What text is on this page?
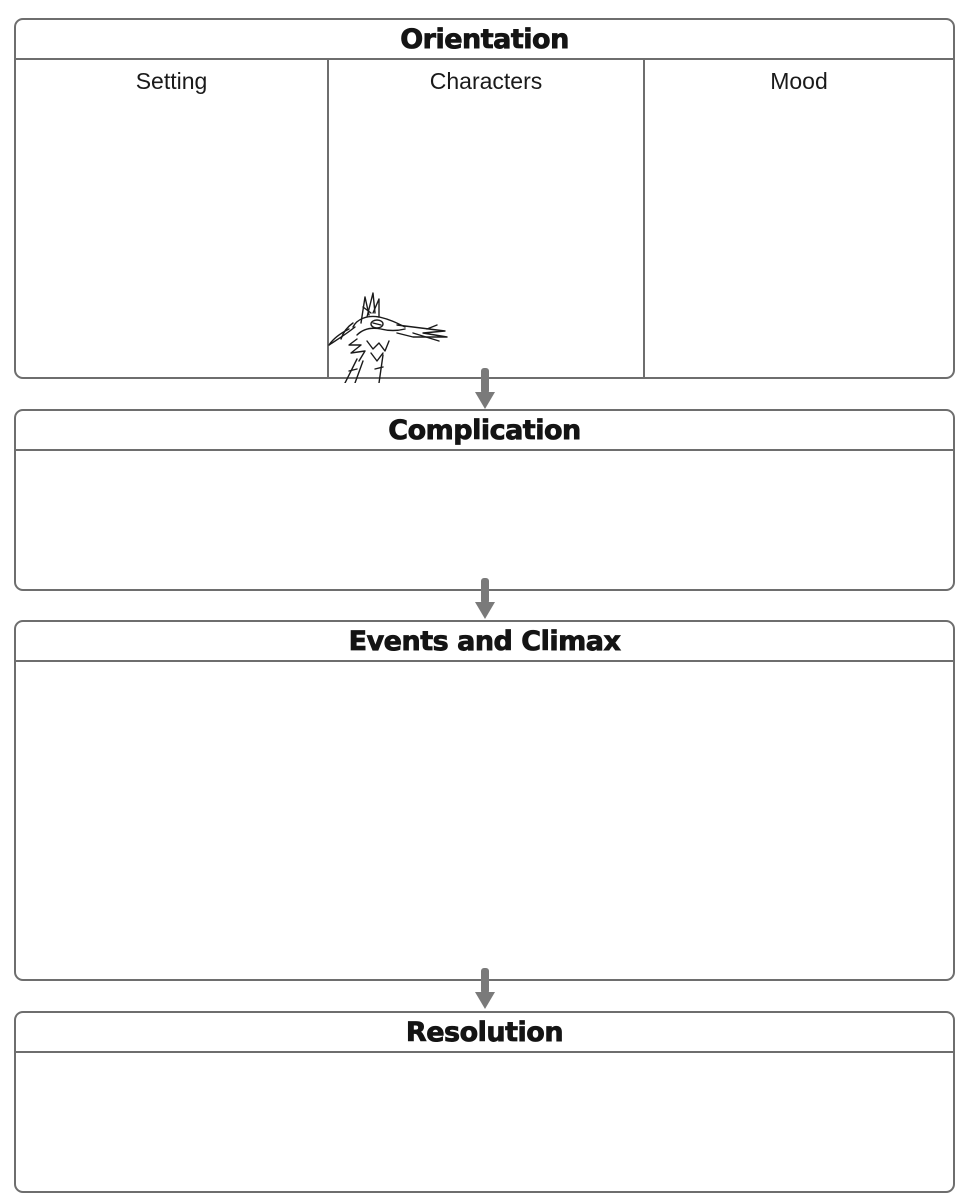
Orientation
Setting	Characters	Mood
Complication
Events and Climax
Resolution
